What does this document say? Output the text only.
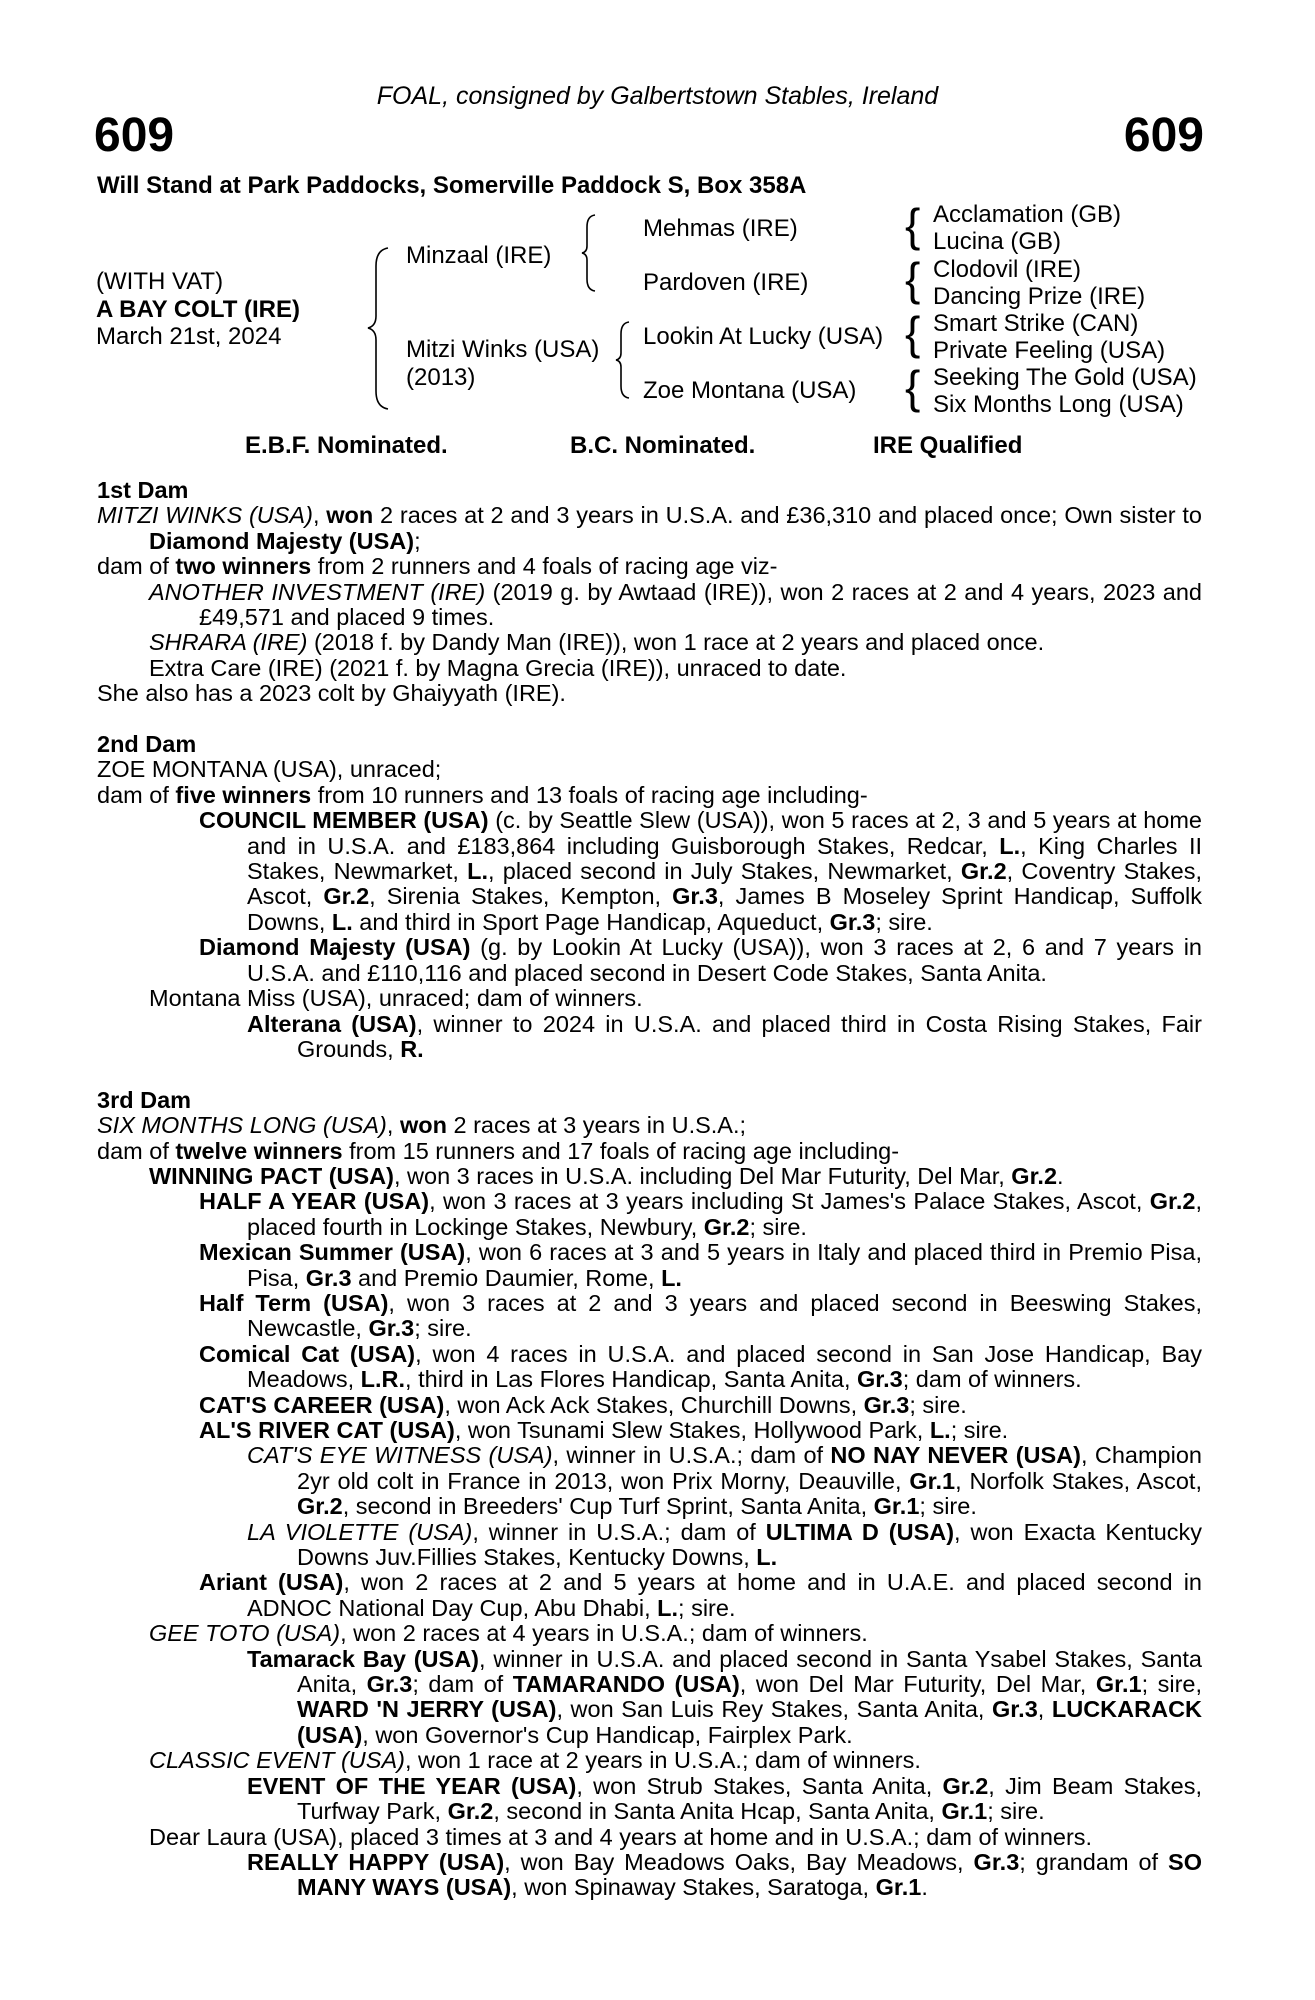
FOAL, consigned by Galbertstown Stables, Ireland
609	609
Will Stand at Park Paddocks, Somerville Paddock S, Box 358A
(WITH VAT)
A BAY COLT (IRE)
March 21st, 2024
Minzaal (IRE)
Mitzi Winks (USA)
(2013)
Mehmas (IRE)
Pardoven (IRE)
Lookin At Lucky (USA)
Zoe Montana (USA)
{
{
{
{
Acclamation (GB)
Lucina (GB)
Clodovil (IRE)
Dancing Prize (IRE)
Smart Strike (CAN)
Private Feeling (USA)
Seeking The Gold (USA)
Six Months Long (USA)
E.B.F. Nominated.	B.C. Nominated.	IRE Qualified

1st Dam

MITZI WINKS (USA), won 2 races at 2 and 3 years in U.S.A. and £36,310 and placed once; Own sister to Diamond Majesty (USA);

dam of two winners from 2 runners and 4 foals of racing age viz-

ANOTHER INVESTMENT (IRE) (2019 g. by Awtaad (IRE)), won 2 races at 2 and 4 years, 2023 and £49,571 and placed 9 times.

SHRARA (IRE) (2018 f. by Dandy Man (IRE)), won 1 race at 2 years and placed once.

Extra Care (IRE) (2021 f. by Magna Grecia (IRE)), unraced to date.

She also has a 2023 colt by Ghaiyyath (IRE).

2nd Dam

ZOE MONTANA (USA), unraced;

dam of five winners from 10 runners and 13 foals of racing age including-

COUNCIL MEMBER (USA) (c. by Seattle Slew (USA)), won 5 races at 2, 3 and 5 years at home and in U.S.A. and £183,864 including Guisborough Stakes, Redcar, L., King Charles II Stakes, Newmarket, L., placed second in July Stakes, Newmarket, Gr.2, Coventry Stakes, Ascot, Gr.2, Sirenia Stakes, Kempton, Gr.3, James B Moseley Sprint Handicap, Suffolk Downs, L. and third in Sport Page Handicap, Aqueduct, Gr.3; sire.

Diamond Majesty (USA) (g. by Lookin At Lucky (USA)), won 3 races at 2, 6 and 7 years in U.S.A. and £110,116 and placed second in Desert Code Stakes, Santa Anita.

Montana Miss (USA), unraced; dam of winners.

Alterana (USA), winner to 2024 in U.S.A. and placed third in Costa Rising Stakes, Fair Grounds, R.

3rd Dam

SIX MONTHS LONG (USA), won 2 races at 3 years in U.S.A.;

dam of twelve winners from 15 runners and 17 foals of racing age including-

WINNING PACT (USA), won 3 races in U.S.A. including Del Mar Futurity, Del Mar, Gr.2.

HALF A YEAR (USA), won 3 races at 3 years including St James's Palace Stakes, Ascot, Gr.2, placed fourth in Lockinge Stakes, Newbury, Gr.2; sire.

Mexican Summer (USA), won 6 races at 3 and 5 years in Italy and placed third in Premio Pisa, Pisa, Gr.3 and Premio Daumier, Rome, L.

Half Term (USA), won 3 races at 2 and 3 years and placed second in Beeswing Stakes, Newcastle, Gr.3; sire.

Comical Cat (USA), won 4 races in U.S.A. and placed second in San Jose Handicap, Bay Meadows, L.R., third in Las Flores Handicap, Santa Anita, Gr.3; dam of winners.

CAT'S CAREER (USA), won Ack Ack Stakes, Churchill Downs, Gr.3; sire.

AL'S RIVER CAT (USA), won Tsunami Slew Stakes, Hollywood Park, L.; sire.

CAT'S EYE WITNESS (USA), winner in U.S.A.; dam of NO NAY NEVER (USA), Champion 2yr old colt in France in 2013, won Prix Morny, Deauville, Gr.1, Norfolk Stakes, Ascot, Gr.2, second in Breeders' Cup Turf Sprint, Santa Anita, Gr.1; sire.

LA VIOLETTE (USA), winner in U.S.A.; dam of ULTIMA D (USA), won Exacta Kentucky Downs Juv.Fillies Stakes, Kentucky Downs, L.

Ariant (USA), won 2 races at 2 and 5 years at home and in U.A.E. and placed second in ADNOC National Day Cup, Abu Dhabi, L.; sire.

GEE TOTO (USA), won 2 races at 4 years in U.S.A.; dam of winners.

Tamarack Bay (USA), winner in U.S.A. and placed second in Santa Ysabel Stakes, Santa Anita, Gr.3; dam of TAMARANDO (USA), won Del Mar Futurity, Del Mar, Gr.1; sire, WARD 'N JERRY (USA), won San Luis Rey Stakes, Santa Anita, Gr.3, LUCKARACK (USA), won Governor's Cup Handicap, Fairplex Park.

CLASSIC EVENT (USA), won 1 race at 2 years in U.S.A.; dam of winners.

EVENT OF THE YEAR (USA), won Strub Stakes, Santa Anita, Gr.2, Jim Beam Stakes, Turfway Park, Gr.2, second in Santa Anita Hcap, Santa Anita, Gr.1; sire.

Dear Laura (USA), placed 3 times at 3 and 4 years at home and in U.S.A.; dam of winners.

REALLY HAPPY (USA), won Bay Meadows Oaks, Bay Meadows, Gr.3; grandam of SO MANY WAYS (USA), won Spinaway Stakes, Saratoga, Gr.1.
